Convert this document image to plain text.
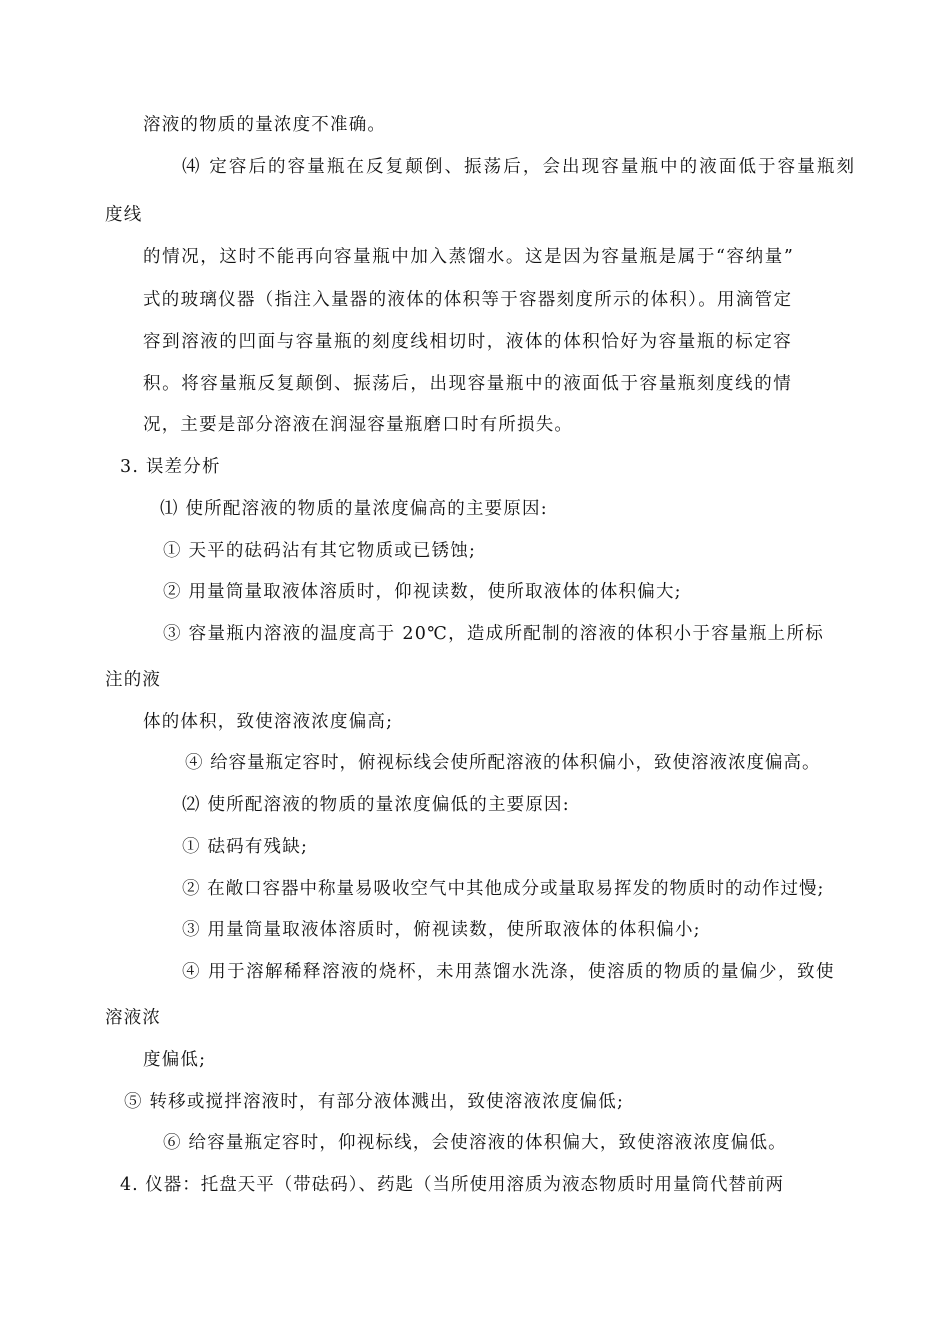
溶液的物质的量浓度不准确。
⑷ 定容后的容量瓶在反复颠倒、振荡后，会出现容量瓶中的液面低于容量瓶刻
度线
的情况，这时不能再向容量瓶中加入蒸馏水。这是因为容量瓶是属于“容纳量”
式的玻璃仪器（指注入量器的液体的体积等于容器刻度所示的体积）。用滴管定
容到溶液的凹面与容量瓶的刻度线相切时，液体的体积恰好为容量瓶的标定容
积。将容量瓶反复颠倒、振荡后，出现容量瓶中的液面低于容量瓶刻度线的情
况，主要是部分溶液在润湿容量瓶磨口时有所损失。
3. 误差分析
⑴ 使所配溶液的物质的量浓度偏高的主要原因:
① 天平的砝码沾有其它物质或已锈蚀;
② 用量筒量取液体溶质时，仰视读数，使所取液体的体积偏大;
③ 容量瓶内溶液的温度高于 20℃，造成所配制的溶液的体积小于容量瓶上所标
注的液
体的体积，致使溶液浓度偏高;
④ 给容量瓶定容时，俯视标线会使所配溶液的体积偏小，致使溶液浓度偏高。
⑵ 使所配溶液的物质的量浓度偏低的主要原因:
① 砝码有残缺;
② 在敞口容器中称量易吸收空气中其他成分或量取易挥发的物质时的动作过慢;
③ 用量筒量取液体溶质时，俯视读数，使所取液体的体积偏小;
④ 用于溶解稀释溶液的烧杯，未用蒸馏水洗涤，使溶质的物质的量偏少，致使
溶液浓
度偏低;
⑤ 转移或搅拌溶液时，有部分液体溅出，致使溶液浓度偏低;
⑥ 给容量瓶定容时，仰视标线，会使溶液的体积偏大，致使溶液浓度偏低。
4. 仪器：托盘天平（带砝码）、药匙（当所使用溶质为液态物质时用量筒代替前两
